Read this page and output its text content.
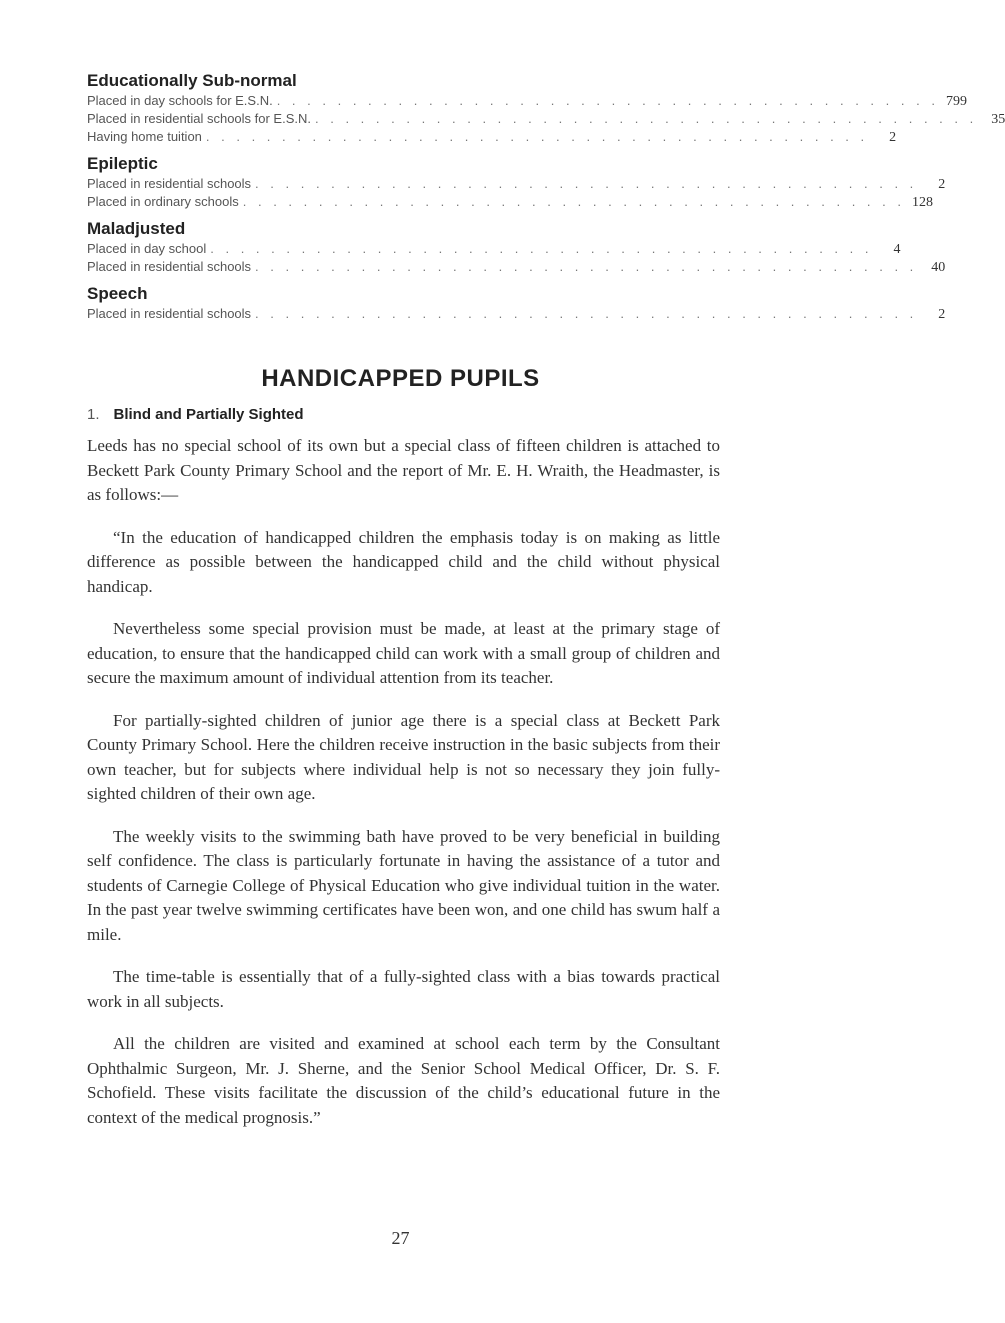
Educationally Sub-normal
Placed in day schools for E.S.N. . . . . . . . . . . . . . . . . . . . . . . . . . . . . . . . . . . . . . . . . . . . . 799
Placed in residential schools for E.S.N. . . . . . . . . . . . . . . . . . . . . . . . . . . . . . . . . . . . . . . . . . . . .	35
Having home tuition . . . . . . . . . . . . . . . . . . . . . . . . . . . . . . . . . . . . . . . . . . . .	2
Epileptic
Placed in residential schools . . . . . . . . . . . . . . . . . . . . . . . . . . . . . . . . . . . . . . . . . . . .	2
Placed in ordinary schools . . . . . . . . . . . . . . . . . . . . . . . . . . . . . . . . . . . . . . . . . . . . 128
Maladjusted
Placed in day school . . . . . . . . . . . . . . . . . . . . . . . . . . . . . . . . . . . . . . . . . . . .	4
Placed in residential schools . . . . . . . . . . . . . . . . . . . . . . . . . . . . . . . . . . . . . . . . . . . .	40
Speech
Placed in residential schools . . . . . . . . . . . . . . . . . . . . . . . . . . . . . . . . . . . . . . . . . . . .	2
HANDICAPPED PUPILS
1. Blind and Partially Sighted

Leeds has no special school of its own but a special class of fifteen children is attached to Beckett Park County Primary School and the report of Mr. E. H. Wraith, the Headmaster, is as follows:—

“In the education of handicapped children the emphasis today is on making as little difference as possible between the handicapped child and the child without physical handicap.

Nevertheless some special provision must be made, at least at the primary stage of education, to ensure that the handicapped child can work with a small group of children and secure the maximum amount of individual attention from its teacher.

For partially-sighted children of junior age there is a special class at Beckett Park County Primary School. Here the children receive instruction in the basic subjects from their own teacher, but for subjects where individual help is not so necessary they join fully-sighted children of their own age.

The weekly visits to the swimming bath have proved to be very beneficial in building self confidence. The class is particularly fortunate in having the assistance of a tutor and students of Carnegie College of Physical Education who give individual tuition in the water. In the past year twelve swimming certificates have been won, and one child has swum half a mile.

The time-table is essentially that of a fully-sighted class with a bias towards practical work in all subjects.

All the children are visited and examined at school each term by the Consultant Ophthalmic Surgeon, Mr. J. Sherne, and the Senior School Medical Officer, Dr. S. F. Schofield. These visits facilitate the discussion of the child’s educational future in the context of the medical prognosis.”

27
